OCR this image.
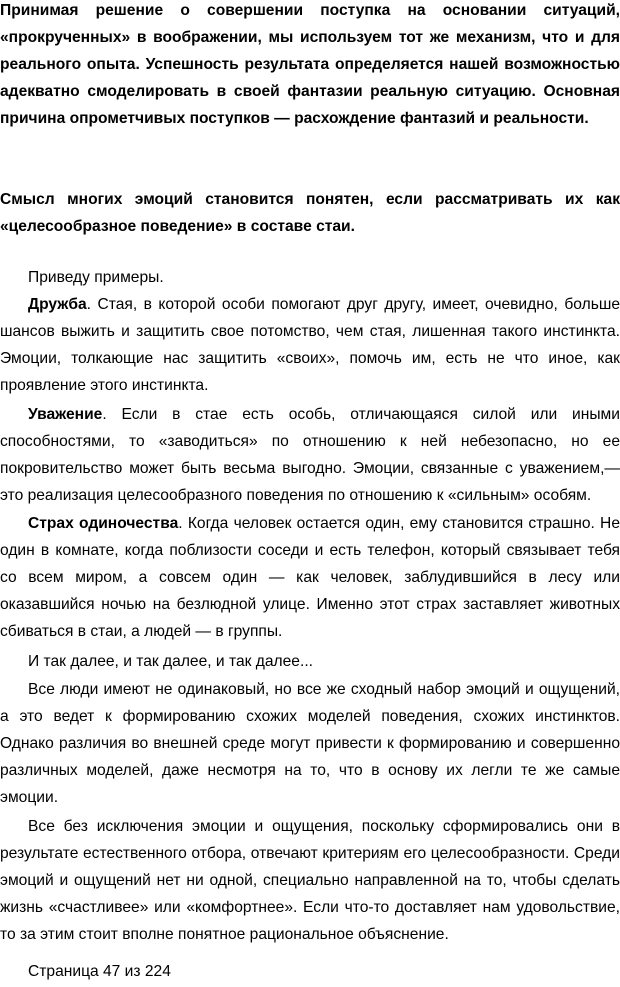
Принимая решение о совершении поступка на основании ситуаций, «прокрученных» в воображении, мы используем тот же механизм, что и для реального опыта. Успешность результата определяется нашей возможностью адекватно смоделировать в своей фантазии реальную ситуацию. Основная причина опрометчивых поступков — расхождение фантазий и реальности.

Смысл многих эмоций становится понятен, если рассматривать их как «целесообразное поведение» в составе стаи.

Приведу примеры.

Дружба. Стая, в которой особи помогают друг другу, имеет, очевидно, больше шансов выжить и защитить свое потомство, чем стая, лишенная такого инстинкта. Эмоции, толкающие нас защитить «своих», помочь им, есть не что иное, как проявление этого инстинкта.

Уважение. Если в стае есть особь, отличающаяся силой или иными способностями, то «заводиться» по отношению к ней небезопасно, но ее покровительство может быть весьма выгодно. Эмоции, связанные с уважением,— это реализация целесообразного поведения по отношению к «сильным» особям.

Страх одиночества. Когда человек остается один, ему становится страшно. Не один в комнате, когда поблизости соседи и есть телефон, который связывает тебя со всем миром, а совсем один — как человек, заблудившийся в лесу или оказавшийся ночью на безлюдной улице. Именно этот страх заставляет животных сбиваться в стаи, а людей — в группы.

И так далее, и так далее, и так далее...

Все люди имеют не одинаковый, но все же сходный набор эмоций и ощущений, а это ведет к формированию схожих моделей поведения, схожих инстинктов. Однако различия во внешней среде могут привести к формированию и совершенно различных моделей, даже несмотря на то, что в основу их легли те же самые эмоции.

Все без исключения эмоции и ощущения, поскольку сформировались они в результате естественного отбора, отвечают критериям его целесообразности. Среди эмоций и ощущений нет ни одной, специально направленной на то, чтобы сделать жизнь «счастливее» или «комфортнее». Если что-то доставляет нам удовольствие, то за этим стоит вполне понятное рациональное объяснение.

Страница 47 из 224
